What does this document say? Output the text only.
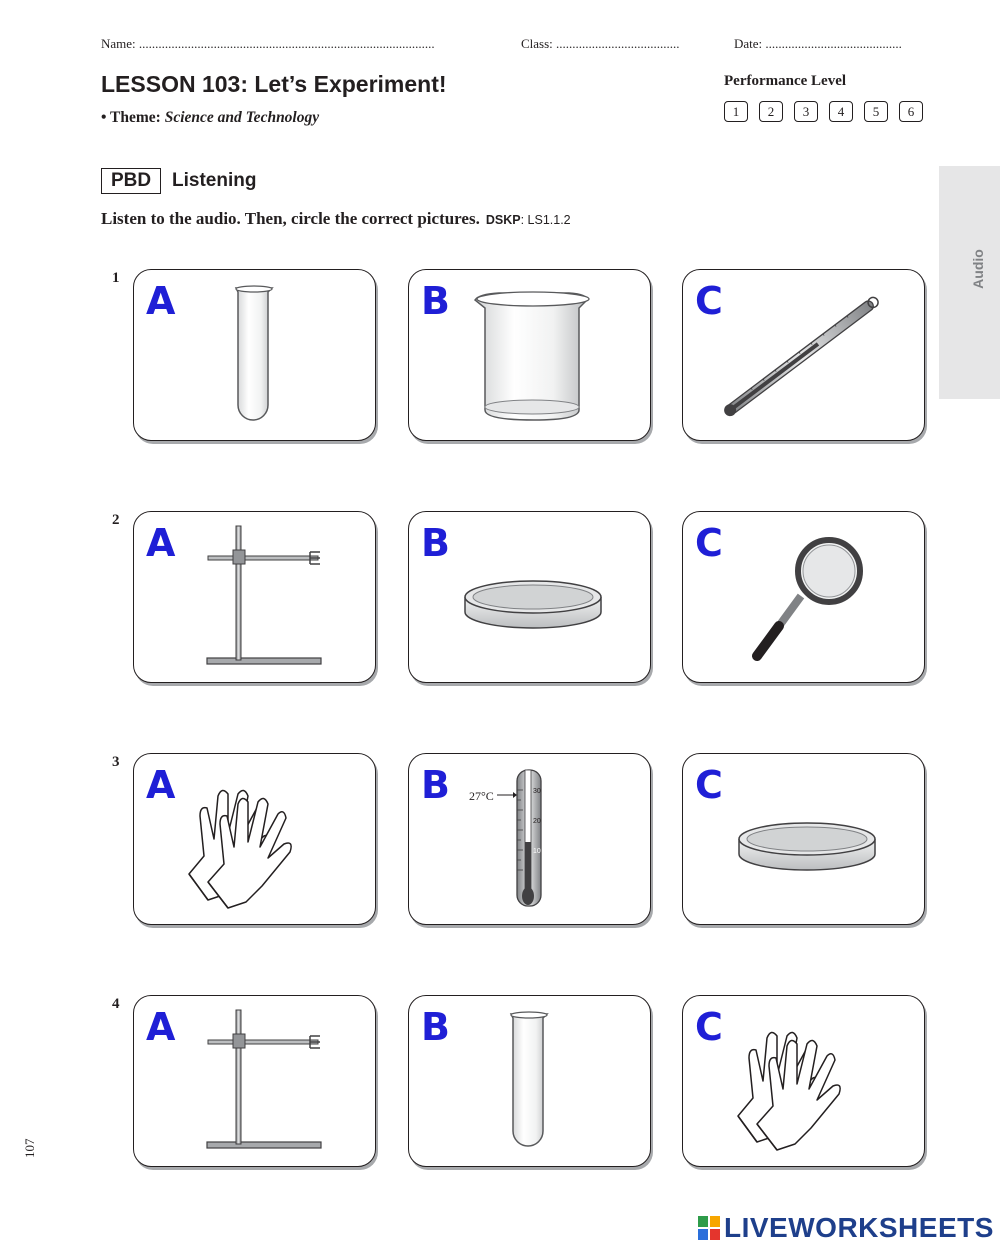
Name: ...........................................................................................	Class: ......................................	Date: ..........................................
LESSON 103: Let’s Experiment!
• Theme: Science and Technology
Performance Level
1	2	3	4	5	6
PBD	Listening
Listen to the audio. Then, circle the correct pictures. DSKP: LS1.1.2
Audio
1
2
3
4
A	B	C
A	B	C
A	27°C	30
20
10
B	C
A	B	C
107
LIVEWORKSHEETS
